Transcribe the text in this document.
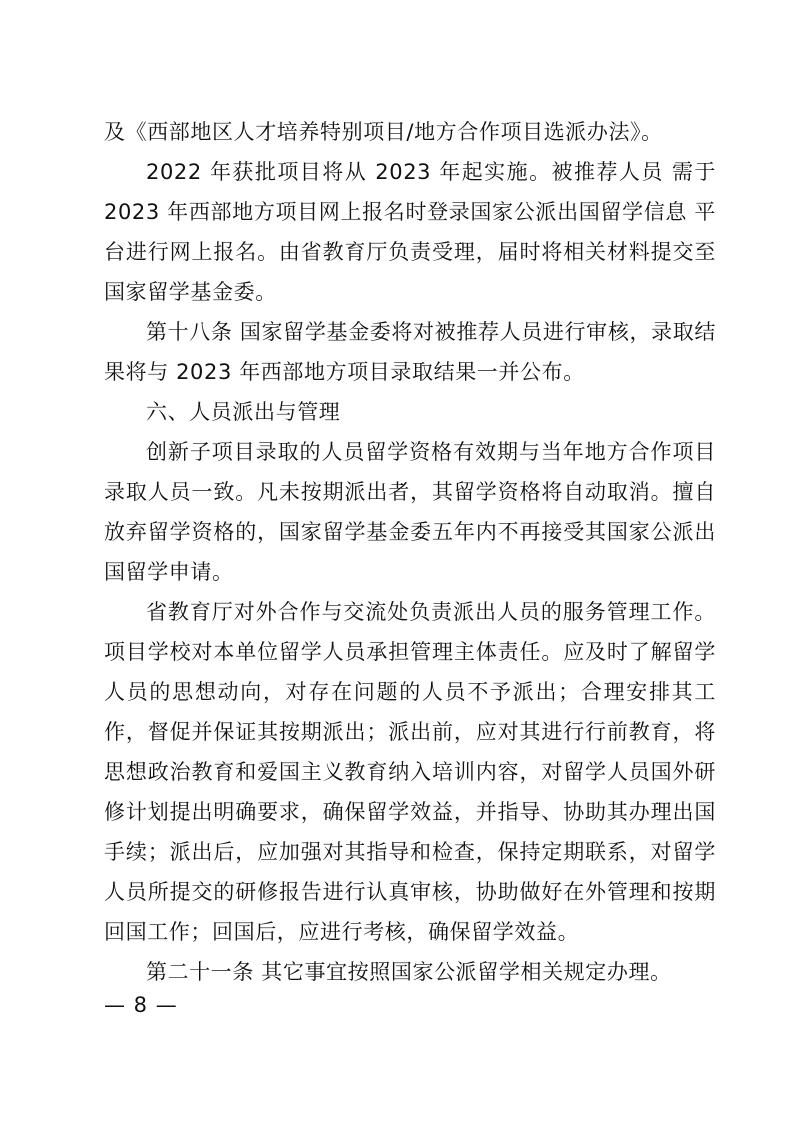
及《西部地区人才培养特别项目/地方合作项目选派办法》。

2022 年获批项目将从 2023 年起实施。被推荐人员 需于 2023 年西部地方项目网上报名时登录国家公派出国留学信息 平台进行网上报名。由省教育厅负责受理，届时将相关材料提交至国家留学基金委。

第十八条 国家留学基金委将对被推荐人员进行审核，录取结 果将与 2023 年西部地方项目录取结果一并公布。

六、人员派出与管理

创新子项目录取的人员留学资格有效期与当年地方合作项目录取人员一致。凡未按期派出者，其留学资格将自动取消。擅自放弃留学资格的，国家留学基金委五年内不再接受其国家公派出国留学申请。

省教育厅对外合作与交流处负责派出人员的服务管理工作。项目学校对本单位留学人员承担管理主体责任。应及时了解留学人员的思想动向，对存在问题的人员不予派出；合理安排其工作，督促并保证其按期派出；派出前，应对其进行行前教育，将思想政治教育和爱国主义教育纳入培训内容，对留学人员国外研修计划提出明确要求，确保留学效益，并指导、协助其办理出国手续；派出后，应加强对其指导和检查，保持定期联系，对留学人员所提交的研修报告进行认真审核，协助做好在外管理和按期回国工作；回国后，应进行考核，确保留学效益。

第二十一条 其它事宜按照国家公派留学相关规定办理。

— 8 —
